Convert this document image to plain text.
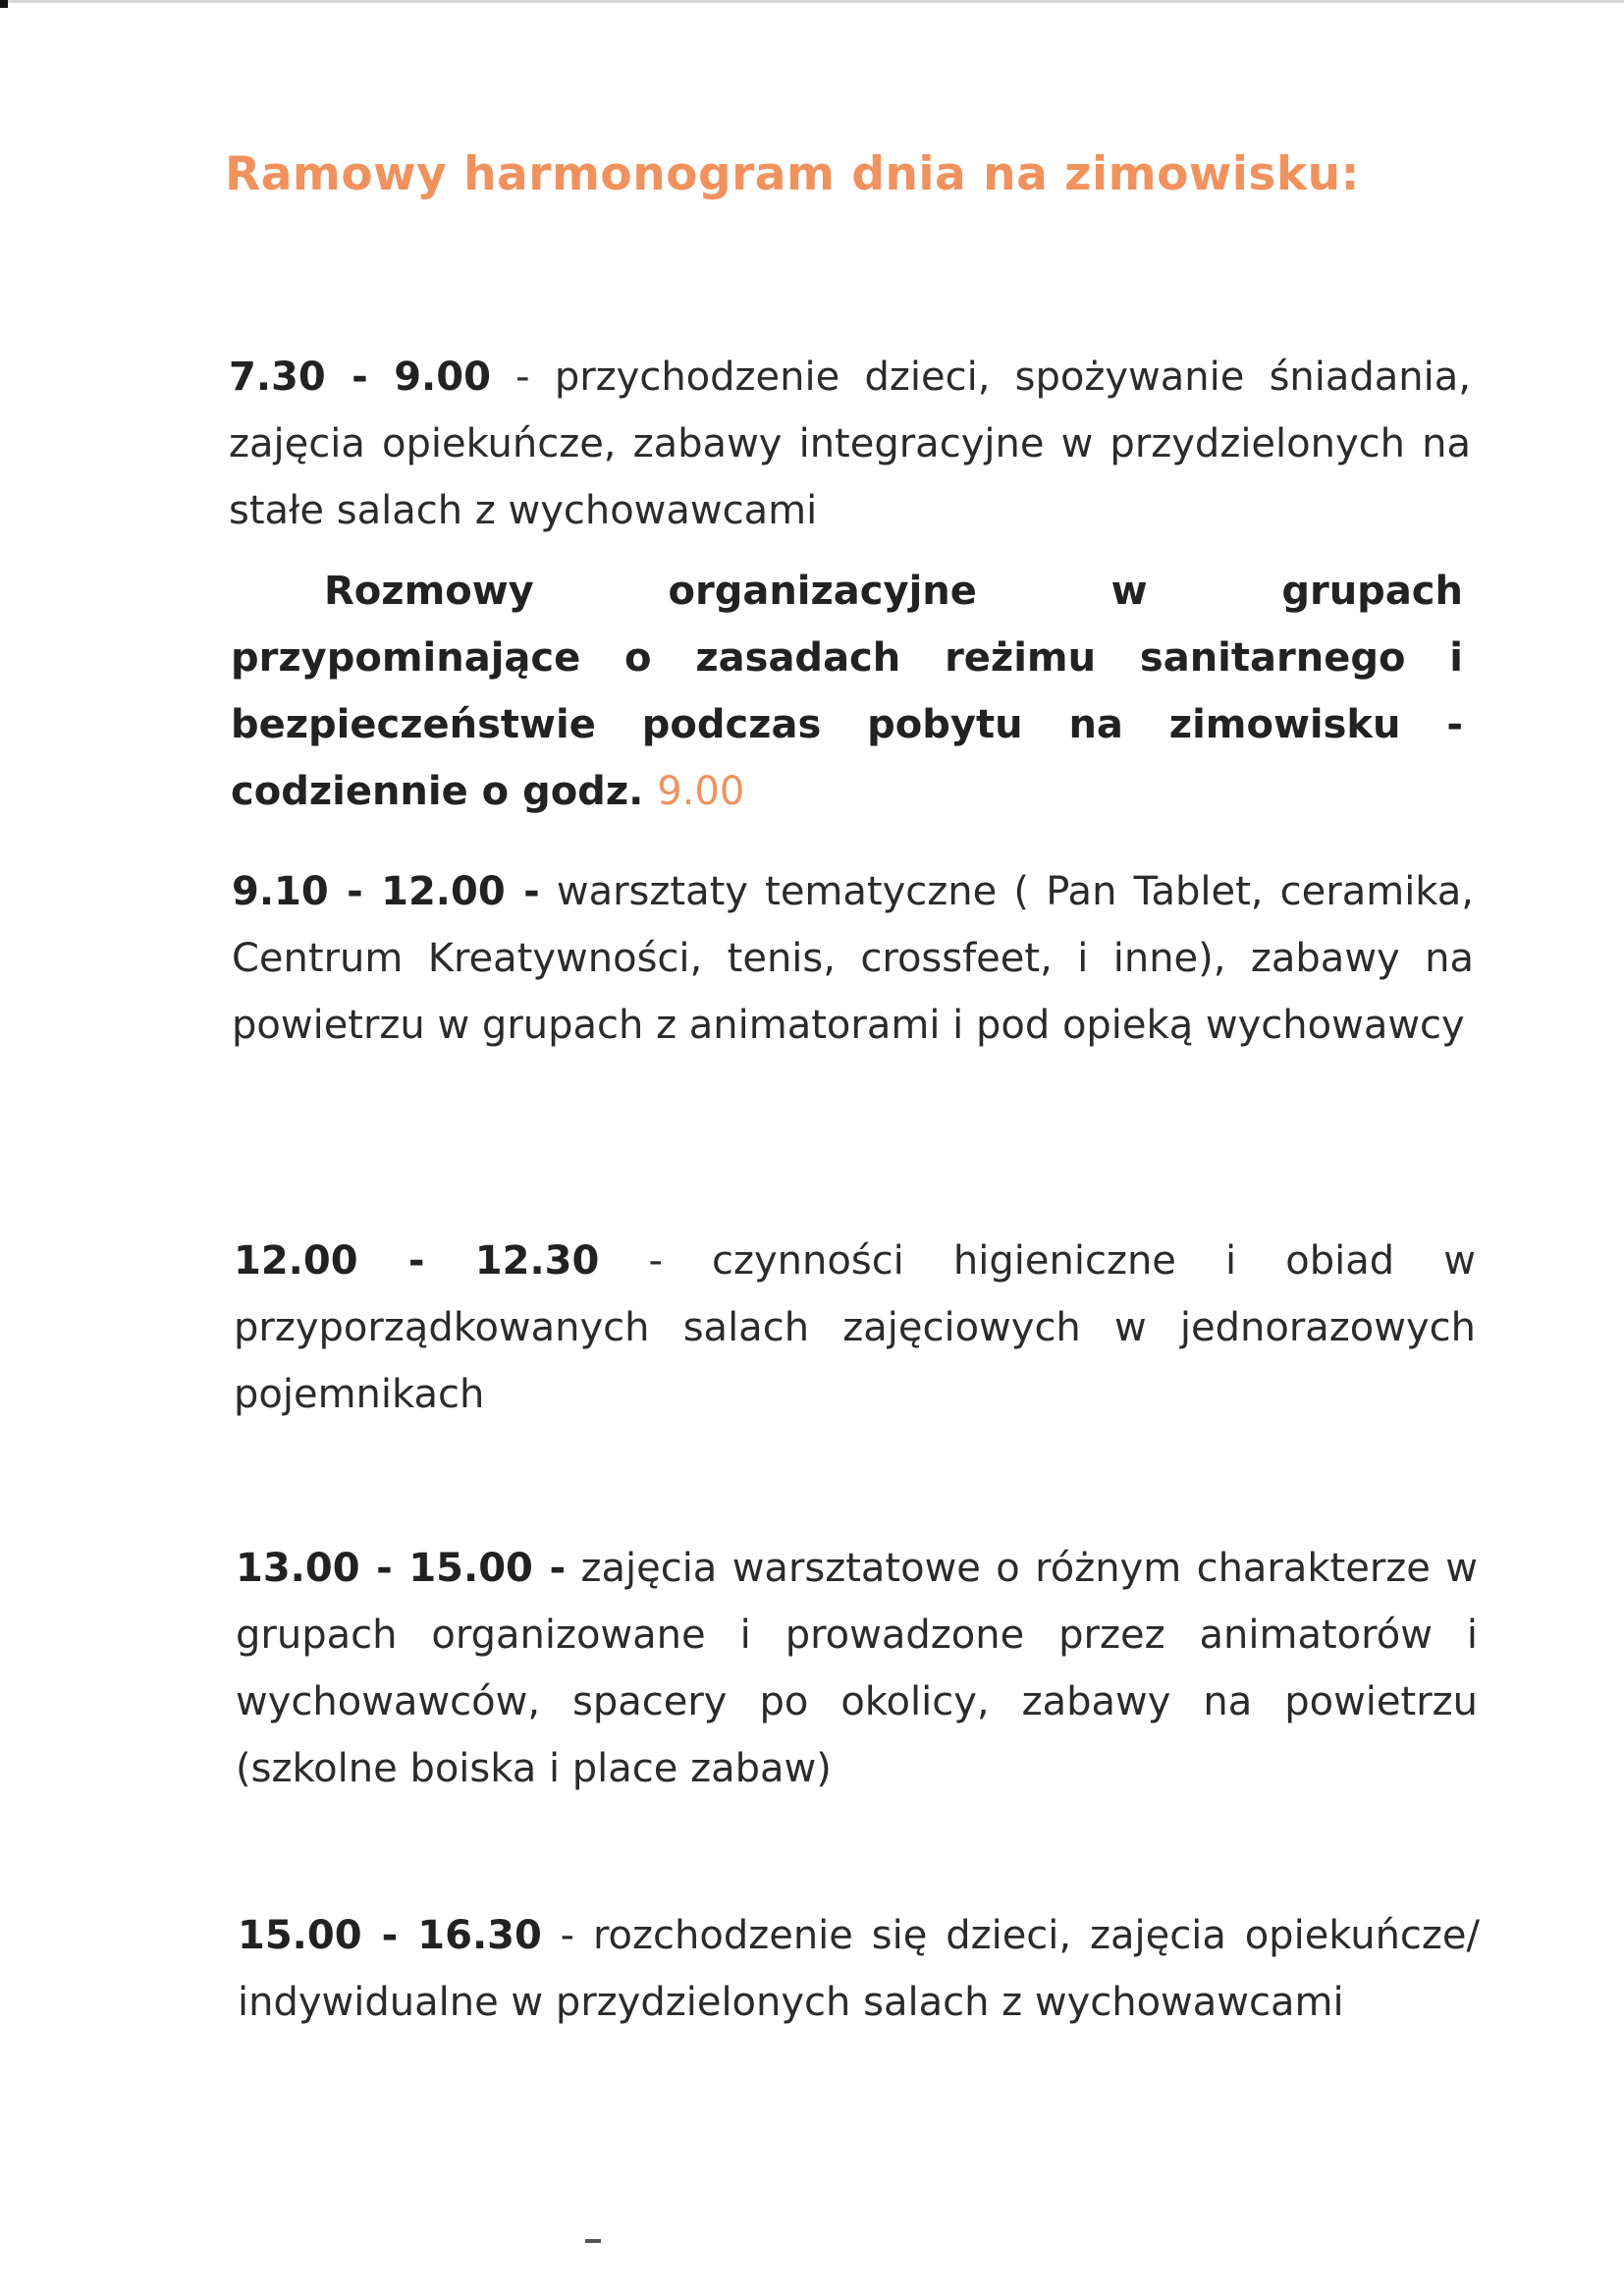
Ramowy harmonogram dnia na zimowisku:

7.30 - 9.00 - przychodzenie dzieci, spożywanie śniadania, zajęcia opiekuńcze, zabawy integracyjne w przydzielonych na stałe salach z wychowawcami

Rozmowy organizacyjne w grupach przypominające o zasadach reżimu sanitarnego i bezpieczeństwie podczas pobytu na zimowisku - codziennie o godz. 9.00

9.10 - 12.00 - warsztaty tematyczne ( Pan Tablet, ceramika, Centrum Kreatywności, tenis, crossfeet, i inne), zabawy na powietrzu w grupach z animatorami i pod opieką wychowawcy

12.00 - 12.30 - czynności higieniczne i obiad w przyporządkowanych salach zajęciowych w jednorazowych pojemnikach

13.00 - 15.00 - zajęcia warsztatowe o różnym charakterze w grupach organizowane i prowadzone przez animatorów i wychowawców, spacery po okolicy, zabawy na powietrzu (szkolne boiska i place zabaw)

15.00 - 16.30 - rozchodzenie się dzieci, zajęcia opiekuńcze/ indywidualne w przydzielonych salach z wychowawcami
